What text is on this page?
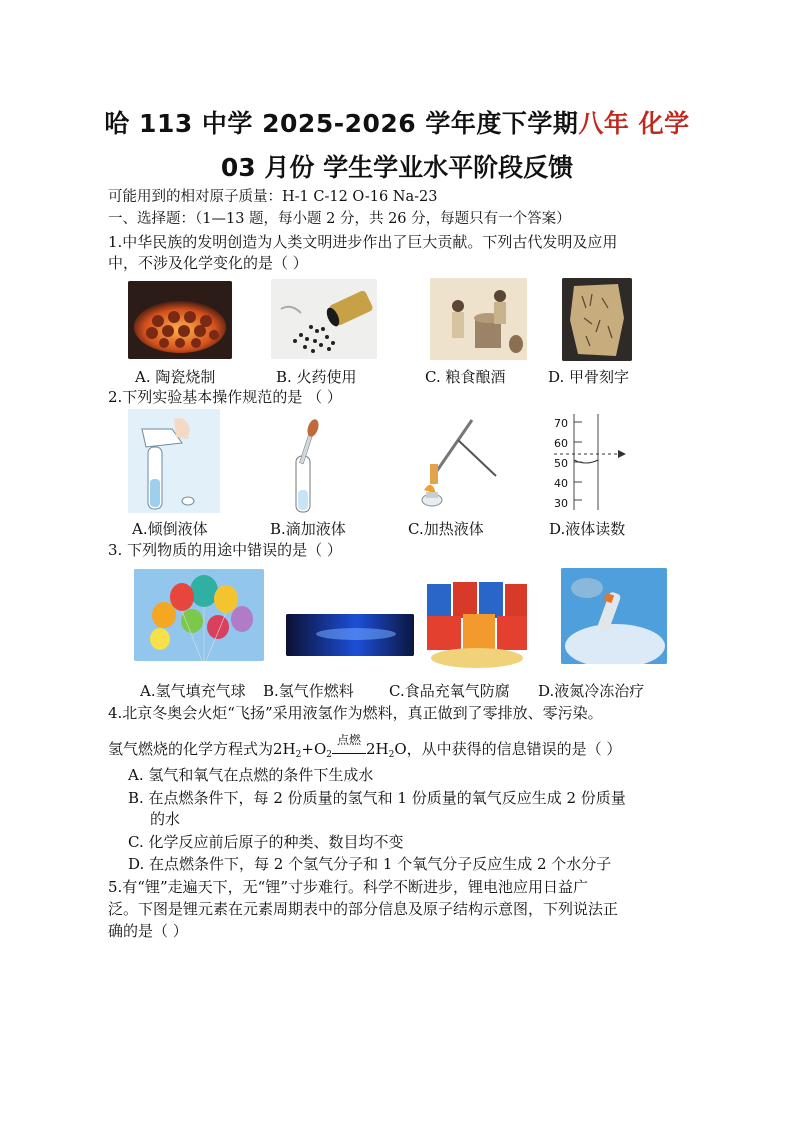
哈 113 中学 2025-2026 学年度下学期八年 化学
03 月份 学生学业水平阶段反馈
可能用到的相对原子质量：H-1 C-12 O-16 Na-23
一、选择题：（1—13 题，每小题 2 分，共 26 分，每题只有一个答案）
1.中华民族的发明创造为人类文明进步作出了巨大贡献。下列古代发明及应用
中，不涉及化学变化的是（ ）
A. 陶瓷烧制	B. 火药使用	C. 粮食酿酒	D. 甲骨刻字
2.下列实验基本操作规范的是 （ ）
70
60
50
40
30
A.倾倒液体	B.滴加液体	C.加热液体	D.液体读数
3. 下列物质的用途中错误的是（ ）
A.氢气填充气球 B.氢气作燃料 C.食品充氧气防腐 D.液氮冷冻治疗
4.北京冬奥会火炬“飞扬”采用液氢作为燃料，真正做到了零排放、零污染。
氢气燃烧的化学方程式为$2H_2+O_2$
点燃 $2H_2O$，从中获得的信息错误的是（ ）
A. 氢气和氧气在点燃的条件下生成水
B. 在点燃条件下，每 2 份质量的氢气和 1 份质量的氧气反应生成 2 份质量
的水
C. 化学反应前后原子的种类、数目均不变
D. 在点燃条件下，每 2 个氢气分子和 1 个氧气分子反应生成 2 个水分子
5.有“锂”走遍天下，无“锂”寸步难行。科学不断进步，锂电池应用日益广
泛。下图是锂元素在元素周期表中的部分信息及原子结构示意图，下列说法正
确的是（ ）
